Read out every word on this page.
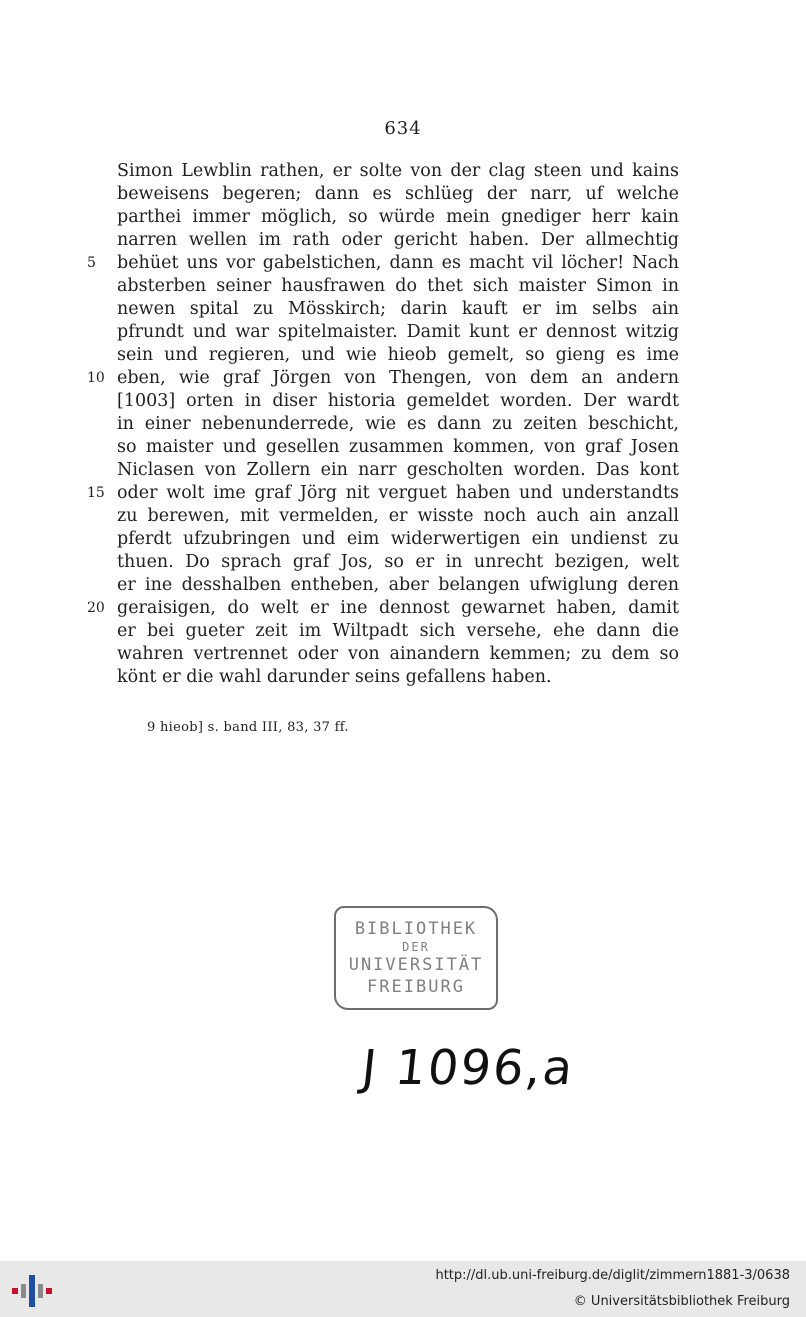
634
Simon Lewblin rathen, er solte von der clag steen und kains
beweisens begeren; dann es schlüeg der narr, uf welche
parthei immer möglich, so würde mein gnediger herr kain
narren wellen im rath oder gericht haben. Der allmechtig
5	behüet uns vor gabelstichen, dann es macht vil löcher! Nach
absterben seiner hausfrawen do thet sich maister Simon in
newen spital zu Mösskirch; darin kauft er im selbs ain
pfrundt und war spitelmaister. Damit kunt er dennost witzig
sein und regieren, und wie hieob gemelt, so gieng es ime
10 eben, wie graf Jörgen von Thengen, von dem an andern
[1003] orten in diser historia gemeldet worden. Der wardt
in einer nebenunderrede, wie es dann zu zeiten beschicht,
so maister und gesellen zusammen kommen, von graf Josen
Niclasen von Zollern ein narr gescholten worden. Das kont
15 oder wolt ime graf Jörg nit verguet haben und understandts
zu berewen, mit vermelden, er wisste noch auch ain anzall
pferdt ufzubringen und eim widerwertigen ein undienst zu
thuen. Do sprach graf Jos, so er in unrecht bezigen, welt
er ine desshalben entheben, aber belangen ufwiglung deren
20 geraisigen, do welt er ine dennost gewarnet haben, damit
er bei gueter zeit im Wiltpadt sich versehe, ehe dann die
wahren vertrennet oder von ainandern kemmen; zu dem so
könt er die wahl darunder seins gefallens haben.
9 hieob] s. band III, 83, 37 ff.
BIBLIOTHEK
DER
UNIVERSITÄT
FREIBURG
J 1096,a
http://dl.ub.uni-freiburg.de/diglit/zimmern1881-3/0638
© Universitätsbibliothek Freiburg
